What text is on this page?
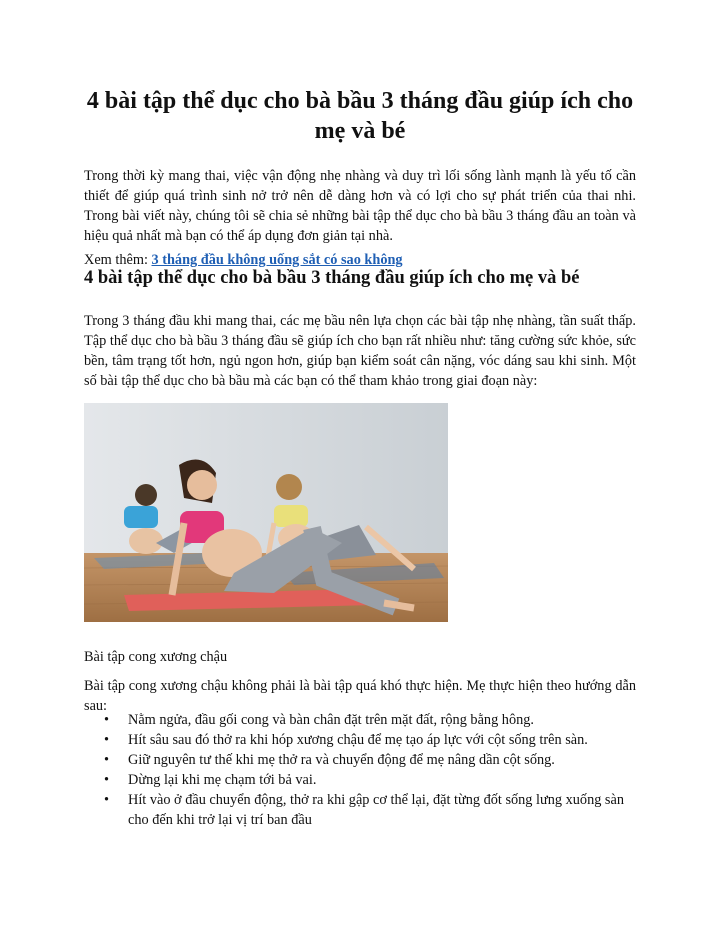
4 bài tập thể dục cho bà bầu 3 tháng đầu giúp ích cho mẹ và bé

Trong thời kỳ mang thai, việc vận động nhẹ nhàng và duy trì lối sống lành mạnh là yếu tố cần thiết để giúp quá trình sinh nở trở nên dễ dàng hơn và có lợi cho sự phát triển của thai nhi. Trong bài viết này, chúng tôi sẽ chia sẻ những bài tập thể dục cho bà bầu 3 tháng đầu an toàn và hiệu quả nhất mà bạn có thể áp dụng đơn giản tại nhà.

Xem thêm: 3 tháng đầu không uống sắt có sao không

4 bài tập thể dục cho bà bầu 3 tháng đầu giúp ích cho mẹ và bé

Trong 3 tháng đầu khi mang thai, các mẹ bầu nên lựa chọn các bài tập nhẹ nhàng, tần suất thấp. Tập thể dục cho bà bầu 3 tháng đầu sẽ giúp ích cho bạn rất nhiều như: tăng cường sức khỏe, sức bền, tâm trạng tốt hơn, ngủ ngon hơn, giúp bạn kiểm soát cân nặng, vóc dáng sau khi sinh. Một số bài tập thể dục cho bà bầu mà các bạn có thể tham khảo trong giai đoạn này:

Bài tập cong xương chậu

Bài tập cong xương chậu không phải là bài tập quá khó thực hiện. Mẹ thực hiện theo hướng dẫn sau:

• Nằm ngửa, đầu gối cong và bàn chân đặt trên mặt đất, rộng bằng hông.
• Hít sâu sau đó thở ra khi hóp xương chậu để mẹ tạo áp lực với cột sống trên sàn.
• Giữ nguyên tư thế khi mẹ thở ra và chuyển động để mẹ nâng dần cột sống.
• Dừng lại khi mẹ chạm tới bả vai.
• Hít vào ở đầu chuyển động, thở ra khi gập cơ thể lại, đặt từng đốt sống lưng xuống sàn cho đến khi trở lại vị trí ban đầu
